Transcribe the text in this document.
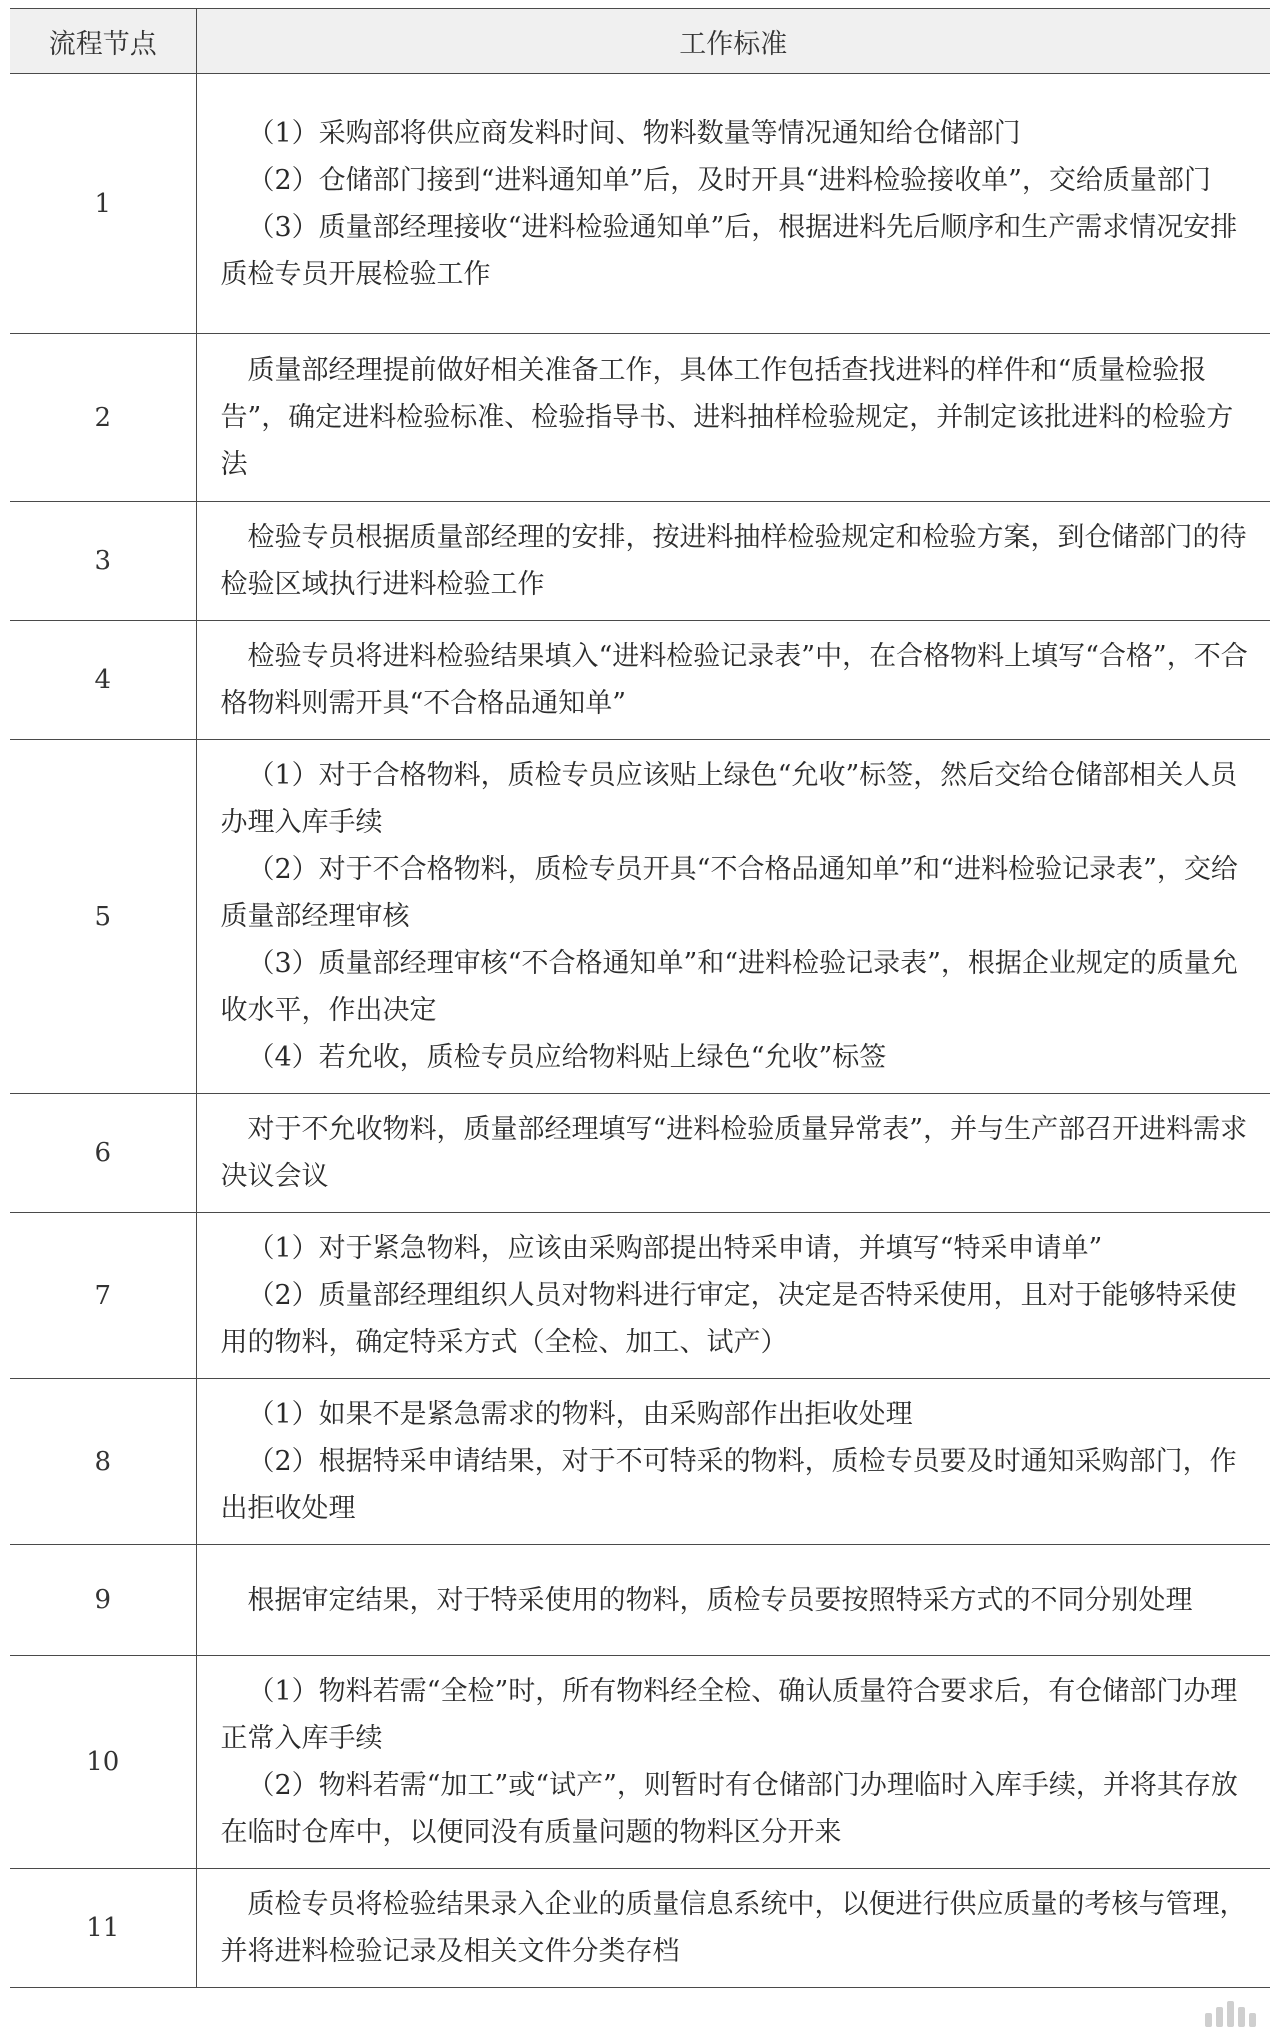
流程节点	工作标准
1	（1）采购部将供应商发料时间、物料数量等情况通知给仓储部门
（2）仓储部门接到“进料通知单”后，及时开具“进料检验接收单”，交给质量部门
（3）质量部经理接收“进料检验通知单”后，根据进料先后顺序和生产需求情况安排质检专员开展检验工作

2	质量部经理提前做好相关准备工作，具体工作包括查找进料的样件和“质量检验报告”，确定进料检验标准、检验指导书、进料抽样检验规定，并制定该批进料的检验方法

3	检验专员根据质量部经理的安排，按进料抽样检验规定和检验方案，到仓储部门的待检验区域执行进料检验工作

4	检验专员将进料检验结果填入“进料检验记录表”中，在合格物料上填写“合格”，不合格物料则需开具“不合格品通知单”

5	（1）对于合格物料，质检专员应该贴上绿色“允收”标签，然后交给仓储部相关人员办理入库手续
（2）对于不合格物料，质检专员开具“不合格品通知单”和“进料检验记录表”，交给质量部经理审核
（3）质量部经理审核“不合格通知单”和“进料检验记录表”，根据企业规定的质量允收水平，作出决定
（4）若允收，质检专员应给物料贴上绿色“允收”标签

6	对于不允收物料，质量部经理填写“进料检验质量异常表”，并与生产部召开进料需求决议会议

7	（1）对于紧急物料，应该由采购部提出特采申请，并填写“特采申请单”
（2）质量部经理组织人员对物料进行审定，决定是否特采使用，且对于能够特采使用的物料，确定特采方式（全检、加工、试产）

8	（1）如果不是紧急需求的物料，由采购部作出拒收处理
（2）根据特采申请结果，对于不可特采的物料，质检专员要及时通知采购部门，作出拒收处理

9	根据审定结果，对于特采使用的物料，质检专员要按照特采方式的不同分别处理

10	（1）物料若需“全检”时，所有物料经全检、确认质量符合要求后，有仓储部门办理正常入库手续
（2）物料若需“加工”或“试产”，则暂时有仓储部门办理临时入库手续，并将其存放在临时仓库中，以便同没有质量问题的物料区分开来

11	质检专员将检验结果录入企业的质量信息系统中，以便进行供应质量的考核与管理，并将进料检验记录及相关文件分类存档
